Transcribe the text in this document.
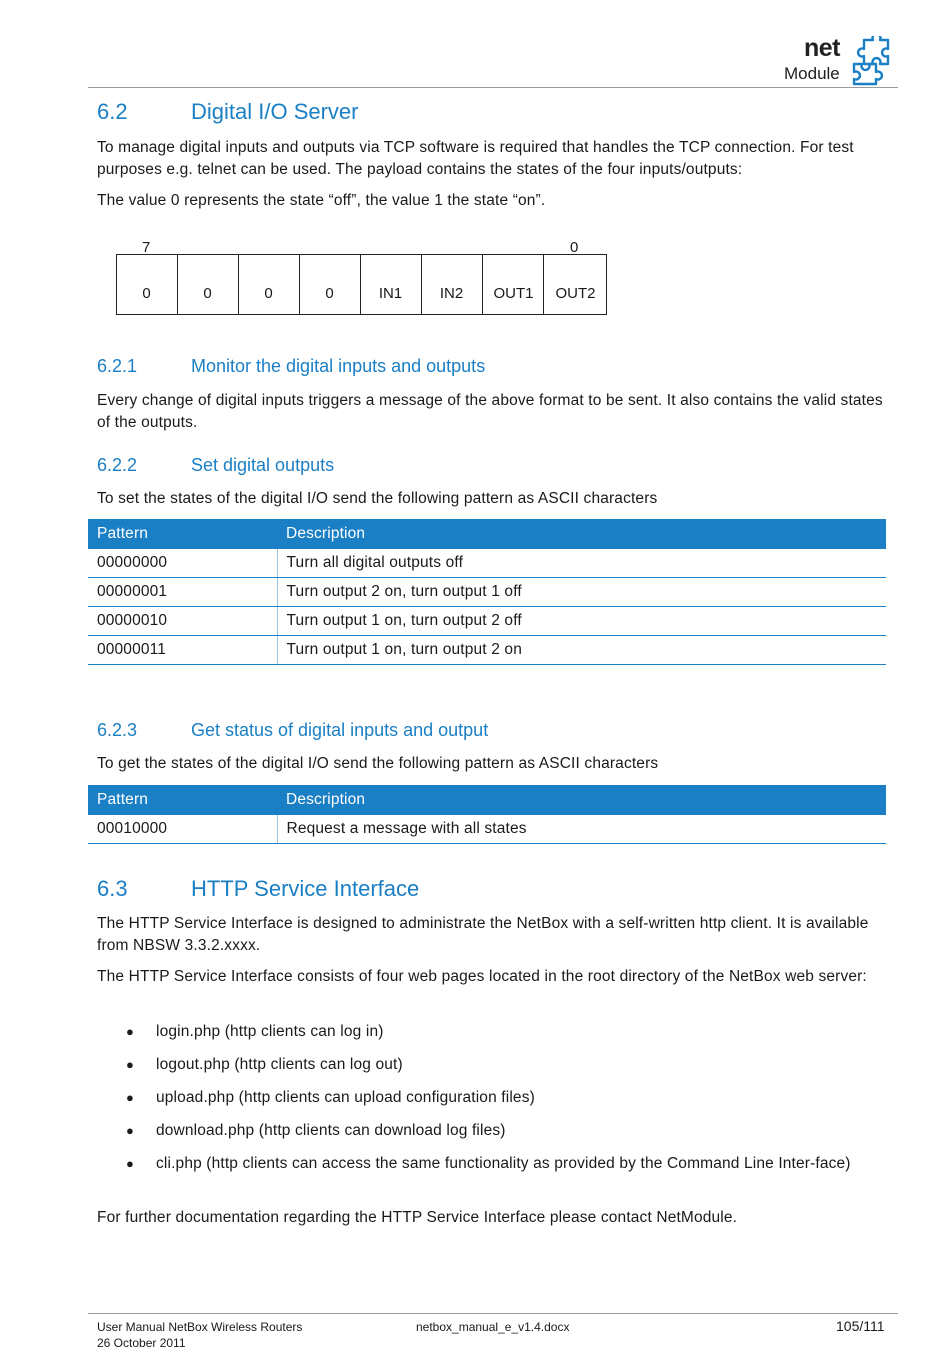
net
Module
6.2	Digital I/O Server
To manage digital inputs and outputs via TCP software is required that handles the TCP connection. For test purposes e.g. telnet can be used. The payload contains the states of the four inputs/outputs:
The value 0 represents the state “off”, the value 1 the state “on”.
7	0
0	0	0	0	IN1	IN2	OUT1	OUT2
6.2.1	Monitor the digital inputs and outputs
Every change of digital inputs triggers a message of the above format to be sent. It also contains the valid states of the outputs.
6.2.2	Set digital outputs
To set the states of the digital I/O send the following pattern as ASCII characters
Pattern	Description
00000000	Turn all digital outputs off
00000001	Turn output 2 on, turn output 1 off
00000010	Turn output 1 on, turn output 2 off
00000011	Turn output 1 on, turn output 2 on
6.2.3	Get status of digital inputs and output
To get the states of the digital I/O send the following pattern as ASCII characters
Pattern	Description
00010000	Request a message with all states
6.3	HTTP Service Interface
The HTTP Service Interface is designed to administrate the NetBox with a self-written http client. It is available from NBSW 3.3.2.xxxx.
The HTTP Service Interface consists of four web pages located in the root directory of the NetBox web server:
● login.php (http clients can log in)
● logout.php (http clients can log out)
● upload.php (http clients can upload configuration files)
● download.php (http clients can download log files)
● cli.php (http clients can access the same functionality as provided by the Command Line Inter-face)
For further documentation regarding the HTTP Service Interface please contact NetModule.
User Manual NetBox Wireless Routers
26 October 2011
netbox_manual_e_v1.4.docx	105/111
